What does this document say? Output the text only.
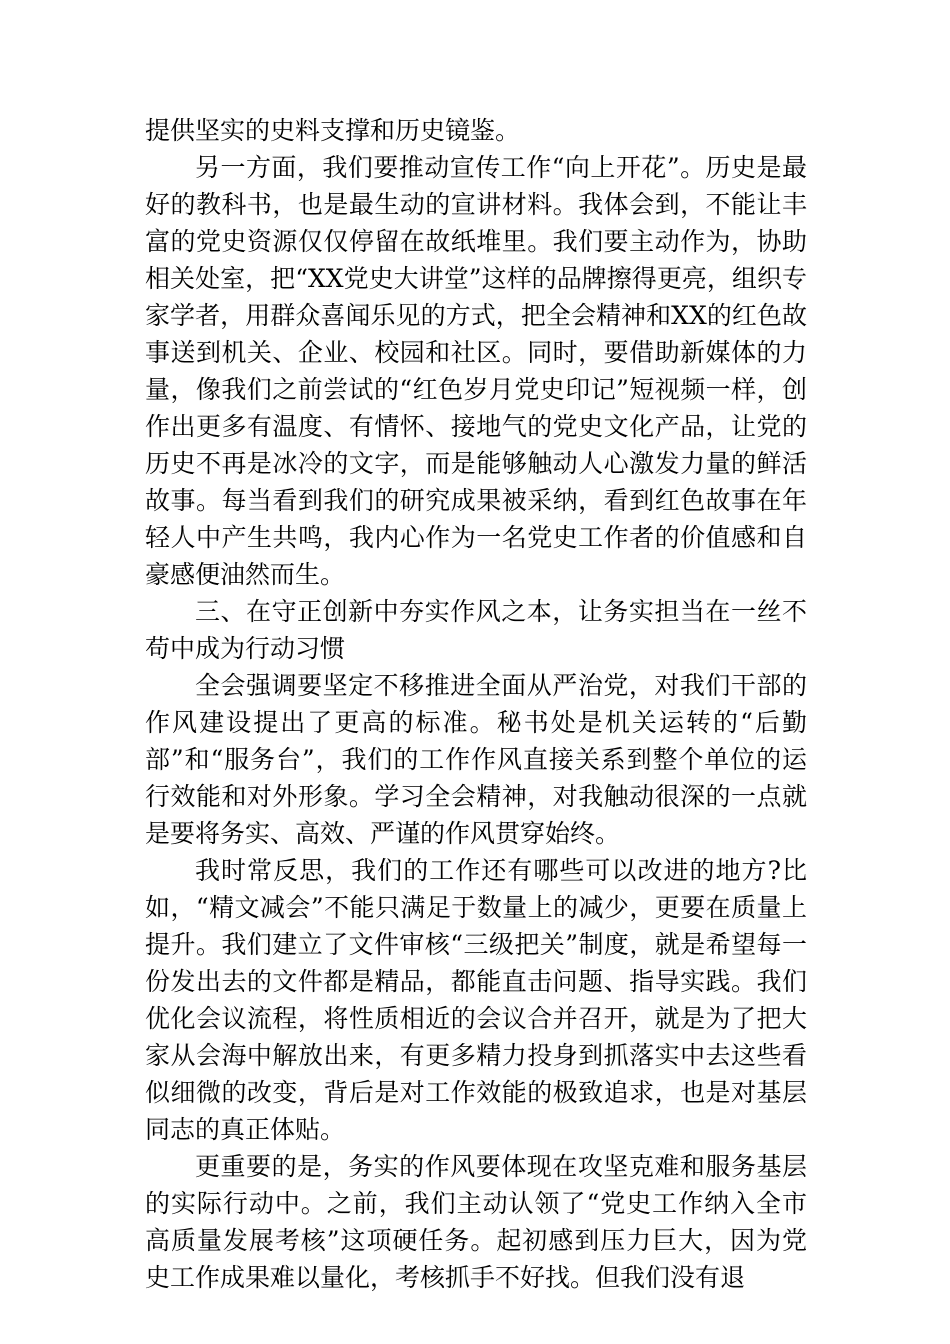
提供坚实的史料支撑和历史镜鉴。

另一方面，我们要推动宣传工作“向上开花”。历史是最好的教科书，也是最生动的宣讲材料。我体会到，不能让丰富的党史资源仅仅停留在故纸堆里。我们要主动作为，协助相关处室，把“XX党史大讲堂”这样的品牌擦得更亮，组织专家学者，用群众喜闻乐见的方式，把全会精神和XX的红色故事送到机关、企业、校园和社区。同时，要借助新媒体的力量，像我们之前尝试的“红色岁月党史印记”短视频一样，创作出更多有温度、有情怀、接地气的党史文化产品，让党的历史不再是冰冷的文字，而是能够触动人心激发力量的鲜活故事。每当看到我们的研究成果被采纳，看到红色故事在年轻人中产生共鸣，我内心作为一名党史工作者的价值感和自豪感便油然而生。

三、在守正创新中夯实作风之本，让务实担当在一丝不苟中成为行动习惯

全会强调要坚定不移推进全面从严治党，对我们干部的作风建设提出了更高的标准。秘书处是机关运转的“后勤部”和“服务台”，我们的工作作风直接关系到整个单位的运行效能和对外形象。学习全会精神，对我触动很深的一点就是要将务实、高效、严谨的作风贯穿始终。

我时常反思，我们的工作还有哪些可以改进的地方?比如，“精文减会”不能只满足于数量上的减少，更要在质量上提升。我们建立了文件审核“三级把关”制度，就是希望每一份发出去的文件都是精品，都能直击问题、指导实践。我们优化会议流程，将性质相近的会议合并召开，就是为了把大家从会海中解放出来，有更多精力投身到抓落实中去这些看似细微的改变，背后是对工作效能的极致追求，也是对基层同志的真正体贴。

更重要的是，务实的作风要体现在攻坚克难和服务基层的实际行动中。之前，我们主动认领了“党史工作纳入全市高质量发展考核”这项硬任务。起初感到压力巨大，因为党史工作成果难以量化，考核抓手不好找。但我们没有退
